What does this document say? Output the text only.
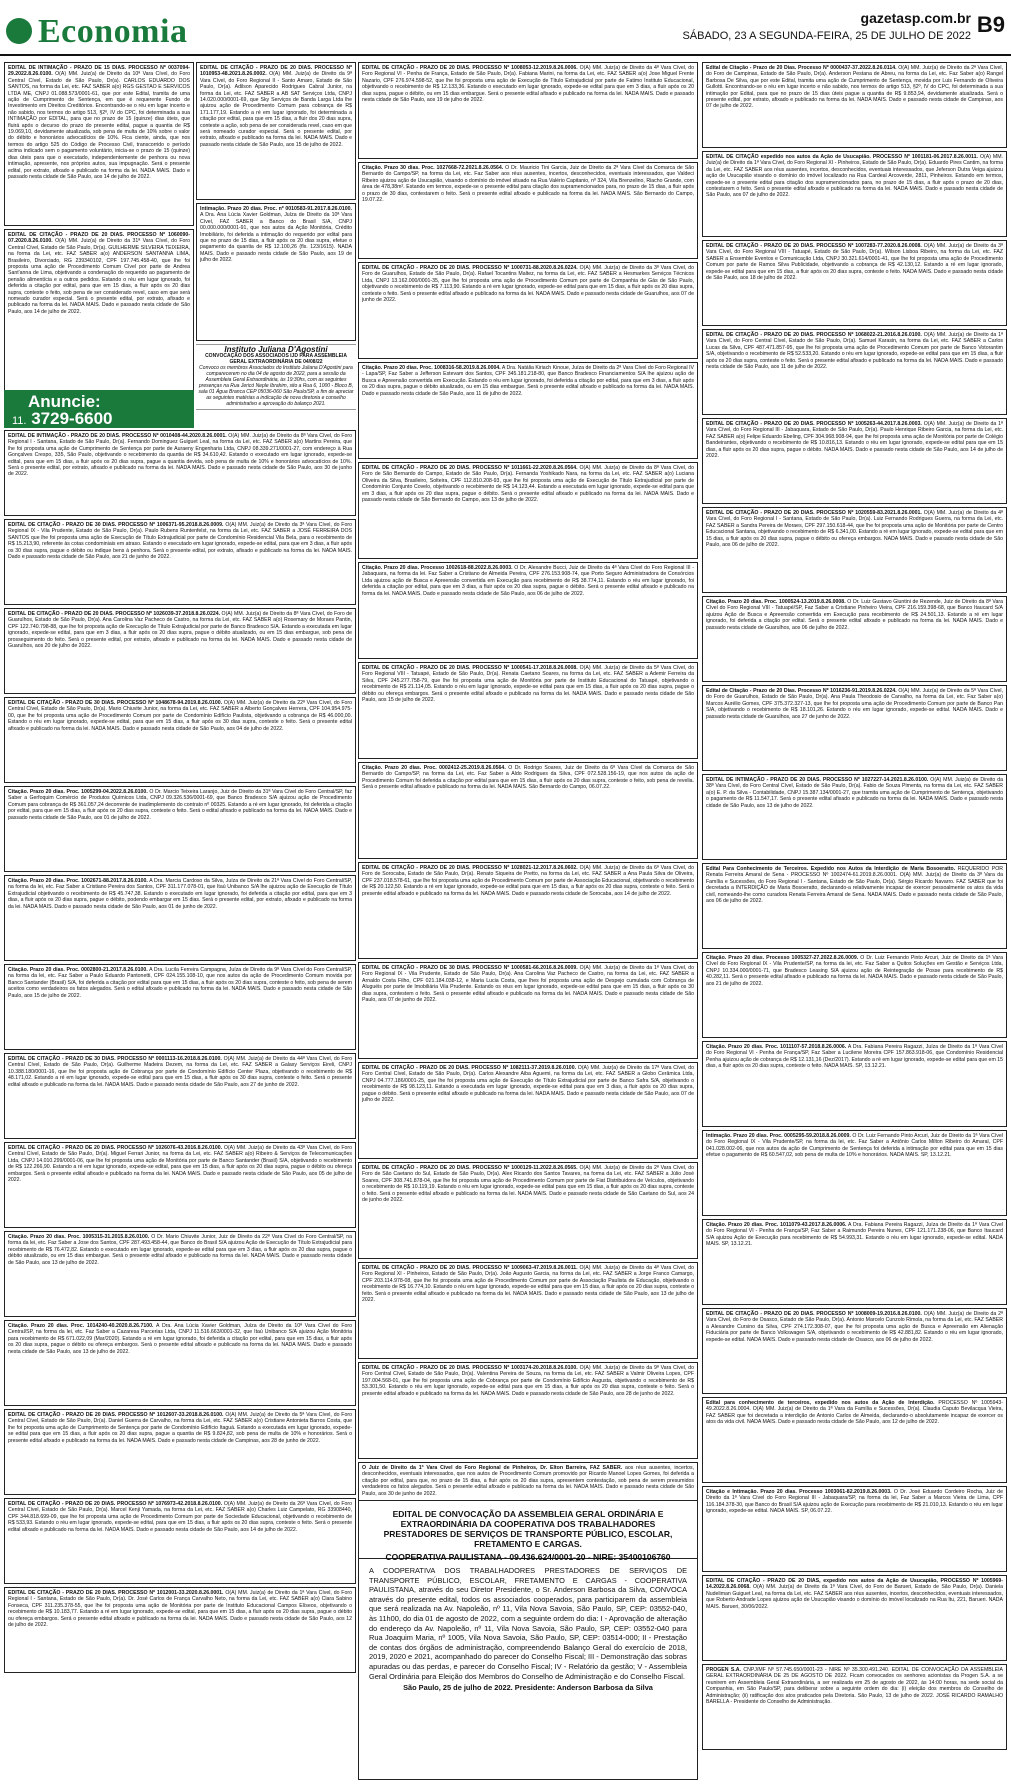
Economia	gazetasp.com.br
SÁBADO, 23 A SEGUNDA-FEIRA, 25 DE JULHO DE 2022 B9
EDITAL DE INTIMAÇÃO - PRAZO DE 15 DIAS. PROCESSO Nº 0037094-29.2022.8.26.0100. O(A) MM. Juiz(a) de Direito da 10ª Vara Cível, do Foro Central Cível, Estado de São Paulo, Dr(a). CARLOS EDUARDO DOS SANTOS, na forma da Lei, etc. FAZ SABER a(o) RGS GESTAO E SERVICOS LTDA ME, CNPJ 01.088.573/0001-61, que por este Edital, tramita de uma ação de Cumprimento de Sentença, em que é requerente Fundo de Investimento em Direitos Creditórios. Encontrando-se o réu em lugar incerto e não sabido, nos termos do artigo 513, §2º, IV do CPC, foi determinada a sua INTIMAÇÃO por EDITAL, para que no prazo de 15 (quinze) dias úteis, que fluirá após o decurso do prazo do presente edital, pague a quantia de R$ 19.069,10, devidamente atualizada, sob pena de multa de 10% sobre o valor do débito e honorários advocatícios de 10%. Fica ciente, ainda, que nos termos do artigo 525 do Código de Processo Civil, transcorrido o período acima indicado sem o pagamento voluntário, inicia-se o prazo de 15 (quinze) dias úteis para que o executado, independentemente de penhora ou nova intimação, apresente, nos próprios autos, sua impugnação. Será o presente edital, por extrato, afixado e publicado na forma da lei. NADA MAIS. Dado e passado nesta cidade de São Paulo, aos 14 de julho de 2022.
EDITAL DE CITAÇÃO - PRAZO DE 20 DIAS. PROCESSO Nº 1060090-07.2020.8.26.0100. O(A) MM. Juiz(a) de Direito da 31ª Vara Cível, do Foro Central Cível, Estado de São Paulo, Dr(a). GUILHERME SILVEIRA TEIXEIRA, na forma da Lei, etc. FAZ SABER a(o) ANDERSON SANTANNA LIMA, Brasileiro, Divorciado, RG 239340102, CPF 197.745.458-40, que lhe foi proposta uma ação de Procedimento Comum Cível por parte de Andrea Sant'anna de Lima, objetivando a condenação do requerido ao pagamento de pensão alimentícia e a outros pedidos. Estando o réu em lugar ignorado, foi deferida a citação por edital, para que em 15 dias, a fluir após os 20 dias supra, conteste o feito, sob pena de ser considerado revel, caso em que será nomeado curador especial. Será o presente edital, por extrato, afixado e publicado na forma da lei. NADA MAIS. Dado e passado nesta cidade de São Paulo, aos 14 de julho de 2022.
EDITAL DE CITAÇÃO - PRAZO DE 20 DIAS. PROCESSO Nº 1010953-48.2021.8.26.0002. O(A) MM. Juiz(a) de Direito da 9ª Vara Cível, do Foro Regional II - Santo Amaro, Estado de São Paulo, Dr(a). Adilson Aparecido Rodrigues Cabral Junior, na forma da Lei, etc. FAZ SABER a AB SAT Serviços Ltda, CNPJ 14.020.000/0001-69, que Sky Serviços de Banda Larga Ltda lhe ajuizou ação de Procedimento Comum para cobrança de R$ 171.177,19. Estando a ré em lugar ignorado, foi determinada a citação por edital, para que em 15 dias, a fluir dos 20 dias supra, conteste a ação, sob pena de ser considerada revel, caso em que será nomeado curador especial. Será o presente edital, por extrato, afixado e publicado na forma da lei. NADA MAIS. Dado e passado nesta cidade de São Paulo, aos 15 de julho de 2022.
Intimação. Prazo 20 dias. Proc. nº 0010583-91.2017.8.26.0100. A Dra. Ana Lúcia Xavier Goldman, Juíza de Direito da 10ª Vara Cível, FAZ SABER a Banco do Brasil S/A, CNPJ 00.000.000/0001-91, que nos autos da Ação Monitória, Crédito Imobiliário, foi deferida a intimação do requerido por edital para que no prazo de 15 dias, a fluir após os 20 dias supra, efetue o pagamento da quantia de R$ 12.100,26 (fls. 123/1615). NADA MAIS. Dado e passado nesta cidade de São Paulo, aos 19 de julho de 2022.
Instituto Juliana D'Agostini
CONVOCAÇÃO DOS ASSOCIADOS IJD PARA ASSEMBLEIA GERAL EXTRAORDINÁRIA DE 04/08/22
Convoco os membros Associados do Instituto Juliana D'Agostini para comparecerem no dia 04 de agosto de 2022, para a sessão da Assembleia Geral Extraordinária, às 19:30hs, com as seguintes presenças na Rua Jericó Neple Ibrahim, sito a Rua 6, 1000 - Bloco B, sala 01 Água Branca CEP 05036-060 São Paulo/SP, a fim de apreciar as seguintes matérias a indicação de nova diretoria e conselho administrativo e aprovação do balanço 2021.
Anuncie:
11. 3729-6600
EDITAL DE INTIMAÇÃO - PRAZO DE 20 DIAS. PROCESSO Nº 0010408-44.2020.8.26.0001. O(A) MM. Juiz(a) de Direito da 8ª Vara Cível, do Foro Regional I - Santana, Estado de São Paulo, Dr(a). Fernando Dominguez Guiguet Leal, na forma da Lei, etc. FAZ SABER a(o) Martins Pereira, que lhe foi proposta uma ação de Cumprimento de Sentença por parte de Auraeny Engenharia Ltda, CNPJ 08.339.271/0001-27, com endereço à Rua Gonçalves Crespo, 335, São Paulo, objetivando o recebimento da quantia de R$ 34.610,42. Estando o executado em lugar ignorado, expede-se edital, para que em 15 dias, a fluir após os 20 dias supra, pague a quantia devida, sob pena de multa de 10% e honorários advocatícios de 10%. Será o presente edital, por extrato, afixado e publicado na forma da lei. NADA MAIS. Dado e passado nesta cidade de São Paulo, aos 30 de junho de 2022.
EDITAL DE CITAÇÃO - PRAZO DE 30 DIAS. PROCESSO Nº 1006371-95.2018.8.26.0009. O(A) MM. Juiz(a) de Direito da 3ª Vara Cível, do Foro Regional IX - Vila Prudente, Estado de São Paulo, Dr(a). Paulo Rubens Runtenfelst, na forma da Lei, etc. FAZ SABER a JOSÉ FERREIRA DOS SANTOS que lhe foi proposta uma ação de Execução de Título Extrajudicial por parte de Condomínio Residencial Vila Bela, para o recebimento de R$ 15.213,90, referente às cotas condominiais em atraso. Estando o executado em lugar ignorado, expede-se edital, para que em 3 dias, a fluir após os 30 dias supra, pague o débito ou indique bens à penhora. Será o presente edital, por extrato, afixado e publicado na forma da lei. NADA MAIS. Dado e passado nesta cidade de São Paulo, aos 21 de junho de 2022.
EDITAL DE CITAÇÃO - PRAZO DE 20 DIAS. PROCESSO Nº 1026039-37.2018.8.26.0224. O(A) MM. Juiz(a) de Direito da 8ª Vara Cível, do Foro de Guarulhos, Estado de São Paulo, Dr(a). Ana Carolina Vaz Pacheco de Castro, na forma da Lei, etc. FAZ SABER a(o) Rosemary de Moraes Pantin, CPF 122.740.798-88, que lhe foi proposta ação de Execução de Título Extrajudicial por parte de Banco Bradesco S/A. Estando a executada em lugar ignorado, expede-se edital, para que em 3 dias, a fluir após os 20 dias supra, pague o débito atualizado, ou em 15 dias embargue, sob pena de prosseguimento do feito. Será o presente edital, por extrato, afixado e publicado na forma da lei. NADA MAIS. Dado e passado nesta cidade de Guarulhos, aos 20 de julho de 2022.
EDITAL DE CITAÇÃO - PRAZO DE 30 DIAS. PROCESSO Nº 1048678-94.2019.8.26.0100. O(A) MM. Juiz(a) de Direito da 22ª Vara Cível, do Foro Central Cível, Estado de São Paulo, Dr(a). Mario Chiuvite Junior, na forma da Lei, etc. FAZ SABER a Alberto Gonçalves Herrera, CPF 104.954.975-00, que lhe foi proposta uma ação de Procedimento Comum por parte de Condomínio Edifício Paulista, objetivando a cobrança de R$ 46.000,00. Estando o réu em lugar ignorado, expede-se edital, para que em 15 dias, a fluir após os 30 dias supra, conteste o feito. Será o presente edital afixado e publicado na forma da lei. NADA MAIS. Dado e passado nesta cidade de São Paulo, aos 04 de julho de 2022.
Citação. Prazo 20 dias. Proc. 1005299-04.2022.8.26.0100. O Dr. Marcio Teixeira Laranjo, Juiz de Direito da 31ª Vara Cível do Foro Central/SP, faz Saber a Gerfoquim Comércio de Produtos Químicos Ltda, CNPJ 09.326.536/0001-69, que Banco Bradesco S/A ajuizou ação de Procedimento Comum para cobrança de R$ 361.057,24 decorrente de inadimplemento do contrato nº 00325. Estando a ré em lugar ignorado, foi deferida a citação por edital, para que em 15 dias, a fluir após os 20 dias supra, conteste o feito. Será o edital afixado e publicado na forma da lei. NADA MAIS. Dado e passado nesta cidade de São Paulo, aos 01 de julho de 2022.
Citação. Prazo 20 dias. Proc. 1002671-88.2017.8.26.0100. A Dra. Marcia Cardoso da Silva, Juíza de Direito da 21ª Vara Cível do Foro Central/SP, na forma da lei, etc. Faz Saber a Cristiano Pereira dos Santos, CPF 311.177.078-01, que Itaú Unibanco S/A lhe ajuizou ação de Execução de Título Extrajudicial objetivando o recebimento de R$ 45.747,38. Estando o executado em lugar ignorado, foi deferida a citação por edital, para que em 3 dias, a fluir após os 20 dias supra, pague o débito, podendo embargar em 15 dias. Será o presente edital, por extrato, afixado e publicado na forma da lei. NADA MAIS. Dado e passado nesta cidade de São Paulo, aos 01 de junho de 2022.
Citação. Prazo 20 dias. Proc. 0002800-21.2017.8.26.0100. A Dra. Lucila Ferreira Campagna, Juíza de Direito da 9ª Vara Cível do Foro Central/SP, na forma da lei, etc. Faz Saber a Paulo Eduardo Pantonetti, CPF 024.155.108-10, que nos autos da ação de Procedimento Comum movida por Banco Santander (Brasil) S/A, foi deferida a citação por edital para que em 15 dias, a fluir após os 20 dias supra, conteste o feito, sob pena de serem aceitos como verdadeiros os fatos alegados. Será o edital afixado e publicado na forma da lei. NADA MAIS. Dado e passado nesta cidade de São Paulo, aos 15 de julho de 2022.
EDITAL DE CITAÇÃO - PRAZO DE 30 DIAS. PROCESSO Nº 0001113-16.2018.8.26.0100. O(A) MM. Juiz(a) de Direito da 44ª Vara Cível, do Foro Central Cível, Estado de São Paulo, Dr(a). Guilherme Madeira Dezem, na forma da Lei, etc. FAZ SABER a Galaxy Serviços Eireli, CNPJ 10.388.180/0001-16, que lhe foi proposta ação de Cobrança por parte de Condomínio Edifício Center Plaza, objetivando o recebimento de R$ 48.171,02. Estando a ré em lugar ignorado, expede-se edital para que em 15 dias, a fluir após os 30 dias supra, conteste o feito. Será o presente edital afixado e publicado na forma da lei. NADA MAIS. Dado e passado nesta cidade de São Paulo, aos 27 de junho de 2022.
EDITAL DE CITAÇÃO - PRAZO DE 20 DIAS. PROCESSO Nº 1026076-43.2016.8.26.0100. O(A) MM. Juiz(a) de Direito da 43ª Vara Cível, do Foro Central Cível, Estado de São Paulo, Dr(a). Miguel Ferrari Junior, na forma da Lei, etc. FAZ SABER a(o) Ribeiro & Serviços de Telecomunicações Ltda, CNPJ 14.010.299/0001-06, que lhe foi proposta uma ação de Monitória por parte de Banco Santander (Brasil) S/A, objetivando o recebimento de R$ 122.266,90. Estando a ré em lugar ignorado, expede-se edital, para que em 15 dias, a fluir após os 20 dias supra, pague o débito ou ofereça embargos. Será o presente edital afixado e publicado na forma da lei. NADA MAIS. Dado e passado nesta cidade de São Paulo, aos 05 de julho de 2022.
Citação. Prazo 20 dias. Proc. 1005315-31.2015.8.26.0100. O Dr. Mario Chiuvite Junior, Juiz de Direito da 22ª Vara Cível do Foro Central/SP, na forma da lei, etc. Faz Saber a Jose dos Santos, CPF 287.493.458-44, que Banco do Brasil S/A ajuizou Ação de Execução de Título Extrajudicial para recebimento de R$ 76.472,82. Estando o executado em lugar ignorado, expede-se edital para que em 3 dias, a fluir após os 20 dias supra, pague o débito atualizado, ou em 15 dias embargue. Será o presente edital afixado e publicado na forma da lei. NADA MAIS. Dado e passado nesta cidade de São Paulo, aos 13 de julho de 2022.
Citação. Prazo 20 dias. Proc. 1014240-40.2020.8.26.7100. A Dra. Ana Lúcia Xavier Goldman, Juíza de Direito da 10ª Vara Cível do Foro Central/SP, na forma da lei, etc. Faz Saber a Cazaresa Parcerias Ltda, CNPJ 11.516.663/0001-32, que Itaú Unibanco S/A ajuizou Ação Monitória para recebimento de R$ 671.022,09 (Mar/2020). Estando a ré em lugar ignorado, foi deferida a citação por edital, para que em 15 dias, a fluir após os 20 dias supra, pague o débito ou ofereça embargos. Será o presente edital afixado e publicado na forma da lei. NADA MAIS. Dado e passado nesta cidade de São Paulo, aos 13 de julho de 2022.
EDITAL DE CITAÇÃO - PRAZO DE 20 DIAS. PROCESSO Nº 1012607-33.2018.8.26.0100. O(A) MM. Juiz(a) de Direito da 5ª Vara Cível, do Foro Central Cível, Estado de São Paulo, Dr(a). Daniel Guerra de Carvalho, na forma da Lei, etc. FAZ SABER a(o) Cristiane Antonieta Barros Costa, que lhe foi proposta uma ação de Cumprimento de Sentença por parte de Condomínio Edifício Itaguá. Estando a executada em lugar ignorado, expede-se edital para que em 15 dias, a fluir após os 20 dias supra, pague a quantia de R$ 9.824,82, sob pena de multa de 10% e honorários. Será o presente edital afixado e publicado na forma da lei. NADA MAIS. Dado e passado nesta cidade de Campinas, aos 28 de junho de 2022.
EDITAL DE CITAÇÃO - PRAZO DE 20 DIAS. PROCESSO Nº 1076973-42.2018.8.26.0100. O(A) MM. Juiz(a) de Direito da 26ª Vara Cível, do Foro Central Cível, Estado de São Paulo, Dr(a). Marcel Kenji Yamada, na forma da Lei, etc. FAZ SABER a(o) Charles Luiz Campelato, RG 33908440, CPF 344.818.699-09, que lhe foi proposta uma ação de Procedimento Comum por parte de Sociedade Educacional, objetivando o recebimento de R$ 533,93. Estando o réu em lugar ignorado, expede-se edital, para que em 15 dias, a fluir após os 20 dias supra, conteste o feito. Será o presente edital afixado e publicado na forma da lei. NADA MAIS. Dado e passado nesta cidade de São Paulo, aos 14 de julho de 2022.
EDITAL DE CITAÇÃO - PRAZO DE 20 DIAS. PROCESSO Nº 1012001-33.2020.8.26.0001. O(A) MM. Juiz(a) de Direito da 1ª Vara Cível, do Foro Regional I - Santana, Estado de São Paulo, Dr(a). Dr. José Carlos de França Carvalho Neto, na forma da Lei, etc. FAZ SABER a(o) Clara Sabino Fonseca, CPF 311.235.378-55, que lhe foi proposta uma ação de Monitória por parte de Instituto Educacional Campos Elíseos, objetivando o recebimento de R$ 10.183,77. Estando a ré em lugar ignorado, expede-se edital, para que em 15 dias, a fluir após os 20 dias supra, pague o débito ou ofereça embargos. Será o presente edital afixado e publicado na forma da lei. NADA MAIS. Dado e passado nesta cidade de São Paulo, aos 12 de julho de 2022.
EDITAL DE CITAÇÃO - PRAZO DE 20 DIAS. PROCESSO Nº 1008053-12.2019.8.26.0006. O(A) MM. Juiz(a) de Direito da 4ª Vara Cível, do Foro Regional VI - Penha de França, Estado de São Paulo, Dr(a). Fabiana Marini, na forma da Lei, etc. FAZ SABER a(o) Jose Miguel Frente Nazario, CPF 276.974.598-52, que lhe foi proposta uma ação de Execução de Título Extrajudicial por parte de Fatimo Instituto Educacional, objetivando o recebimento de R$ 12.133,36. Estando o executado em lugar ignorado, expede-se edital para que em 3 dias, a fluir após os 20 dias supra, pague o débito, ou em 15 dias embargue. Será o presente edital afixado e publicado na forma da lei. NADA MAIS. Dado e passado nesta cidade de São Paulo, aos 19 de julho de 2022.
Citação. Prazo 30 dias. Proc. 1027668-72.2021.8.26.0564. O Dr. Mauricio Tini Garcia, Juiz de Direito da 2ª Vara Cível da Comarca de São Bernardo do Campo/SP, na forma da Lei, etc. Faz Saber aos réus ausentes, incertos, desconhecidos, eventuais interessados, que Valdeci Ribeiro ajuizou ação de Usucapião, visando o domínio do imóvel situado na Rua Valério Capitanio, nº 324, Vila Brenzelino, Riacho Grande, com área de 478,38m². Estando em termos, expede-se o presente edital para citação dos supramencionados para, no prazo de 15 dias, a fluir após o prazo de 30 dias, contestarem o feito. Será o presente edital afixado e publicado na forma da lei. NADA MAIS. São Bernardo do Campo, 19.07.22.
EDITAL DE CITAÇÃO - PRAZO DE 20 DIAS. PROCESSO Nº 1000731-88.2020.8.26.0224. O(A) MM. Juiz(a) de Direito da 3ª Vara Cível, do Foro de Guarulhos, Estado de São Paulo, Dr(a). Rafael Tocantins Maltez, na forma da Lei, etc. FAZ SABER a Hesmarkes Serviços Técnicos Ltda, CNPJ 13.162.000/0001-35, que lhe foi proposta uma ação de Procedimento Comum por parte de Companhia de Gás de São Paulo, objetivando o recebimento de R$ 7.113,90. Estando a ré em lugar ignorado, expede-se edital para que em 15 dias, a fluir após os 20 dias supra, conteste o feito. Será o presente edital afixado e publicado na forma da lei. NADA MAIS. Dado e passado nesta cidade de Guarulhos, aos 07 de junho de 2022.
Citação. Prazo 20 dias. Proc. 1008316-58.2019.8.26.0004. A Dra. Natália Kiriach Kinoue, Juíza de Direito da 2ª Vara Cível do Foro Regional IV - Lapa/SP, Faz Saber a Jefferson Estevam dos Santos, CPF 345.181.218-80, que Banco Bradesco Financiamentos S/A lhe ajuizou ação de Busca e Apreensão convertida em Execução. Estando o réu em lugar ignorado, foi deferida a citação por edital, para que em 3 dias, a fluir após os 20 dias supra, pague o débito atualizado, ou em 15 dias embargue. Será o presente edital afixado e publicado na forma da lei. NADA MAIS. Dado e passado nesta cidade de São Paulo, aos 11 de julho de 2022.
EDITAL DE CITAÇÃO - PRAZO DE 20 DIAS. PROCESSO Nº 1011661-22.2020.8.26.0564. O(A) MM. Juiz(a) de Direito da 8ª Vara Cível, do Foro de São Bernardo do Campo, Estado de São Paulo, Dr(a). Fernanda Yoshikado Nara, na forma da Lei, etc. FAZ SABER a(o) Luciana Oliveira da Silva, Brasileiro, Solteira, CPF 112.810.208-93, que lhe foi proposta uma ação de Execução de Título Extrajudicial por parte de Condomínio Conjunto Covelo, objetivando o recebimento de R$ 14.123,44. Estando a executada em lugar ignorado, expede-se edital para que em 3 dias, a fluir após os 20 dias supra, pague o débito. Será o presente edital afixado e publicado na forma da lei. NADA MAIS. Dado e passado nesta cidade de São Bernardo do Campo, aos 13 de julho de 2022.
Citação. Prazo 20 dias. Processo 1002618-88.2022.8.26.0003. O Dr. Alexandre Bucci, Juiz de Direito da 4ª Vara Cível do Foro Regional III - Jabaquara, na forma da lei. Faz Saber a Cristiano de Almeida Pereira, CPF 276.153.908-74, que Porto Seguro Administradora de Consórcios Ltda ajuizou ação de Busca e Apreensão convertida em Execução para recebimento de R$ 38.774,11. Estando o réu em lugar ignorado, foi deferida a citação por edital, para que em 3 dias, a fluir após os 20 dias supra, pague o débito. Será o presente edital afixado e publicado na forma da lei. NADA MAIS. Dado e passado nesta cidade de São Paulo, aos 06 de julho de 2022.
EDITAL DE CITAÇÃO - PRAZO DE 20 DIAS. PROCESSO Nº 1000541-17.2018.8.26.0008. O(A) MM. Juiz(a) de Direito da 5ª Vara Cível, do Foro Regional VIII - Tatuapé, Estado de São Paulo, Dr(a). Renata Caetano Soares, na forma da Lei, etc. FAZ SABER a Ademir Ferreira da Silva, CPF 245.277.758-79, que lhe foi proposta uma ação de Monitória por parte de Instituto Educacional do Tatuapé, objetivando o recebimento de R$ 21.114,05. Estando o réu em lugar ignorado, expede-se edital para que em 15 dias, a fluir após os 20 dias supra, pague o débito ou ofereça embargos. Será o presente edital afixado e publicado na forma da lei. NADA MAIS. Dado e passado nesta cidade de São Paulo, aos 15 de julho de 2022.
Citação. Prazo 20 dias. Proc. 0002412-25.2019.8.26.0564. O Dr. Rodrigo Soares, Juiz de Direito da 6ª Vara Cível da Comarca de São Bernardo do Campo/SP, na forma da Lei, etc. Faz Saber a Aldo Rodrigues da Silva, CPF 072.528.156-19, que nos autos da ação de Procedimento Comum foi deferida a citação por edital para que em 15 dias, a fluir após os 20 dias supra, conteste o feito, sob pena de revelia. Será o presente edital afixado e publicado na forma da lei. NADA MAIS. São Bernardo do Campo, 06.07.22.
EDITAL DE CITAÇÃO - PRAZO DE 20 DIAS. PROCESSO Nº 1028021-12.2017.8.26.0602. O(A) MM. Juiz(a) de Direito da 6ª Vara Cível, do Foro de Sorocaba, Estado de São Paulo, Dr(a). Renato Siqueira de Pretto, na forma da Lei, etc. FAZ SABER a Ana Paula Silva de Oliveira, CPF 237.018.578-61, que lhe foi proposta uma ação de Procedimento Comum por parte de Associação Educacional, objetivando o recebimento de R$ 20.122,50. Estando a ré em lugar ignorado, expede-se edital para que em 15 dias, a fluir após os 20 dias supra, conteste o feito. Será o presente edital afixado e publicado na forma da lei. NADA MAIS. Dado e passado nesta cidade de Sorocaba, aos 14 de julho de 2022.
EDITAL DE CITAÇÃO - PRAZO DE 30 DIAS. PROCESSO Nº 1000581-66.2016.8.26.0009. O(A) MM. Juiz(a) de Direito da 1ª Vara Cível, do Foro Regional IX - Vila Prudente, Estado de São Paulo, Dr(a). Ana Carolina Vaz Pacheco de Castro, na forma da Lei, etc. FAZ SABER a Arnaldo Costa Filho, CPF 021.184.038-12, e Maria Lucia Costa, que lhes foi proposta uma ação de Despejo cumulada com Cobrança de Aluguéis por parte de Imobiliária Vila Prudente. Estando os réus em lugar ignorado, expede-se edital para que em 15 dias, a fluir após os 30 dias supra, contestem o feito. Será o presente edital afixado e publicado na forma da lei. NADA MAIS. Dado e passado nesta cidade de São Paulo, aos 07 de junho de 2022.
EDITAL DE CITAÇÃO - PRAZO DE 20 DIAS. PROCESSO Nº 1082111-37.2019.8.26.0100. O(A) MM. Juiz(a) de Direito da 17ª Vara Cível, do Foro Central Cível, Estado de São Paulo, Dr(a). Carlos Alexandre Aiba Aguemi, na forma da Lei, etc. FAZ SABER a Globo Cerâmica Ltda, CNPJ 04.777.186/0001-25, que lhe foi proposta uma ação de Execução de Título Extrajudicial por parte de Banco Safra S/A, objetivando o recebimento de R$ 98.123,11. Estando a executada em lugar ignorado, expede-se edital para que em 3 dias, a fluir após os 20 dias supra, pague o débito. Será o presente edital afixado e publicado na forma da lei. NADA MAIS. Dado e passado nesta cidade de São Paulo, aos 07 de julho de 2022.
EDITAL DE CITAÇÃO - PRAZO DE 20 DIAS. PROCESSO Nº 1000129-11.2022.8.26.0565. O(A) MM. Juiz(a) de Direito da 2ª Vara Cível, do Foro de São Caetano do Sul, Estado de São Paulo, Dr(a). Alex Ricardo dos Santos Tavares, na forma da Lei, etc. FAZ SABER a Júlio José Soares, CPF 308.741.878-04, que lhe foi proposta uma ação de Procedimento Comum por parte de Fiat Distribuidora de Veículos, objetivando o recebimento de R$ 10.119,19. Estando o réu em lugar ignorado, expede-se edital para que em 15 dias, a fluir após os 20 dias supra, conteste o feito. Será o presente edital afixado e publicado na forma da lei. NADA MAIS. Dado e passado nesta cidade de São Caetano do Sul, aos 24 de junho de 2022.
EDITAL DE CITAÇÃO - PRAZO DE 20 DIAS. PROCESSO Nº 1009063-47.2019.8.26.0011. O(A) MM. Juiz(a) de Direito da 4ª Vara Cível, do Foro Regional XI - Pinheiros, Estado de São Paulo, Dr(a). João Augusto Garcia, na forma da Lei, etc. FAZ SABER a Jorge Franco Camargo, CPF 203.114.978-08, que lhe foi proposta uma ação de Procedimento Comum por parte de Associação Paulista de Educação, objetivando o recebimento de R$ 16.774,10. Estando o réu em lugar ignorado, expede-se edital para que em 15 dias, a fluir após os 20 dias supra, conteste o feito. Será o presente edital afixado e publicado na forma da lei. NADA MAIS. Dado e passado nesta cidade de São Paulo, aos 13 de julho de 2022.
EDITAL DE CITAÇÃO - PRAZO DE 20 DIAS. PROCESSO Nº 1003174-20.2018.8.26.0100. O(A) MM. Juiz(a) de Direito da 9ª Vara Cível, do Foro Central Cível, Estado de São Paulo, Dr(a). Valentina Pereira de Souza, na forma da Lei, etc. FAZ SABER a Valmir Oliveira Lopes, CPF 197.004.568-01, que lhe foi proposta uma ação de Cobrança por parte de Condomínio Edifício Augusta, objetivando o recebimento de R$ 53.301,50. Estando o réu em lugar ignorado, expede-se edital para que em 15 dias, a fluir após os 20 dias supra, conteste o feito. Será o presente edital afixado e publicado na forma da lei. NADA MAIS. Dado e passado nesta cidade de São Paulo, aos 28 de junho de 2022.
O Juiz de Direito da 1ª Vara Cível do Foro Regional de Pinheiros, Dr. Elton Barreira, FAZ SABER. aos réus ausentes, incertos, desconhecidos, eventuais interessados, que nos autos de Procedimento Comum promovido por Ricardo Manoel Lopes Gomes, foi deferida a citação por edital, para que, no prazo de 15 dias, a fluir após os 20 dias supra, apresentem contestação, sob pena de serem presumidos verdadeiros os fatos alegados. Será o presente edital afixado e publicado na forma da lei. NADA MAIS. Dado e passado nesta cidade de São Paulo, aos 30 de junho de 2022.
Edital de Citação - Prazo de 20 Dias. Processo Nº 0000437-37.2022.8.26.0114. O(A) MM. Juiz(a) de Direito da 2ª Vara Cível, do Foro de Campinas, Estado de São Paulo, Dr(a). Anderson Pestana de Abreu, na forma da Lei, etc. Faz Saber a(o) Rangel Barbosa De Silva, que por este Edital, tramita uma ação de Cumprimento de Sentença, movida por Luis Fernando de Oliveira Gullotti. Encontrando-se o réu em lugar incerto e não sabido, nos termos do artigo 513, §2º, IV do CPC, foi determinada a sua intimação por Edital, para que no prazo de 15 dias úteis pague a quantia de R$ 9.853,94, devidamente atualizada. Será o presente edital, por extrato, afixado e publicado na forma da lei. NADA MAIS. Dado e passado nesta cidade de Campinas, aos 07 de julho de 2022.
EDITAL DE CITAÇÃO expedido nos autos da Ação de Usucapião. PROCESSO Nº 1001181-06.2017.8.26.0011. O(A) MM. Juiz(a) de Direito da 1ª Vara Cível, do Foro Regional XI - Pinheiros, Estado de São Paulo, Dr(a). Eduardo Pires Cantim, na forma da Lei, etc. FAZ SABER aos réus ausentes, incertos, desconhecidos, eventuais interessados, que Jeferson Dutra Veiga ajuizou ação de Usucapião visando o domínio do imóvel localizado na Rua Cardeal Arcoverde, 2811, Pinheiros. Estando em termos, expede-se o presente edital para citação dos supramencionados para, no prazo de 15 dias, a fluir após o prazo de 20 dias, contestarem o feito. Será o presente edital afixado e publicado na forma da lei. NADA MAIS. Dado e passado nesta cidade de São Paulo, aos 07 de julho de 2022.
EDITAL DE CITAÇÃO - PRAZO DE 20 DIAS. PROCESSO Nº 1007283-77.2020.8.26.0008. O(A) MM. Juiz(a) de Direito da 3ª Vara Cível, do Foro Regional VIII - Tatuapé, Estado de São Paulo, Dr(a). Wilson Lisboa Ribeiro, na forma da Lei, etc. FAZ SABER a Ensemble Eventos e Comunicação Ltda, CNPJ 30.321.614/0001-41, que lhe foi proposta uma ação de Procedimento Comum por parte de Ramos Silva Publicidade, objetivando a cobrança de R$ 42.130,12. Estando a ré em lugar ignorado, expede-se edital para que em 15 dias, a fluir após os 20 dias supra, conteste o feito. NADA MAIS. Dado e passado nesta cidade de São Paulo, aos 18 de julho de 2022.
EDITAL DE CITAÇÃO - PRAZO DE 20 DIAS. PROCESSO Nº 1068022-21.2016.8.26.0100. O(A) MM. Juiz(a) de Direito da 1ª Vara Cível, do Foro Central Cível, Estado de São Paulo, Dr(a). Samuel Karasin, na forma da Lei, etc. FAZ SABER a Carlos Lucas da Silva, CPF 487.471.857-95, que lhe foi proposta uma ação de Procedimento Comum por parte de Banco Votorantim S/A, objetivando o recebimento de R$ 52.533,20. Estando o réu em lugar ignorado, expede-se edital para que em 15 dias, a fluir após os 20 dias supra, conteste o feito. Será o presente edital afixado e publicado na forma da lei. NADA MAIS. Dado e passado nesta cidade de São Paulo, aos 11 de julho de 2022.
EDITAL DE CITAÇÃO - PRAZO DE 20 DIAS. PROCESSO Nº 1005263-44.2017.8.26.0003. O(A) MM. Juiz(a) de Direito da 1ª Vara Cível, do Foro Regional III - Jabaquara, Estado de São Paulo, Dr(a). Paulo Henrique Ribeiro Garcia, na forma da Lei, etc. FAZ SABER a(o) Felipe Eduardo Ebeling, CPF 304.968.908-94, que lhe foi proposta uma ação de Monitória por parte de Colégio Bandeirantes, objetivando o recebimento de R$ 10.816,13. Estando o réu em lugar ignorado, expede-se edital para que em 15 dias, a fluir após os 20 dias supra, pague o débito. NADA MAIS. Dado e passado nesta cidade de São Paulo, aos 14 de julho de 2022.
EDITAL DE CITAÇÃO - PRAZO DE 20 DIAS. PROCESSO Nº 1020559-83.2021.8.26.0001. O(A) MM. Juiz(a) de Direito da 4ª Vara Cível, do Foro Regional I - Santana, Estado de São Paulo, Dr(a). Luiz Fernando Rodrigues Guerra, na forma da Lei, etc. FAZ SABER a Sandra Pereira de Moraes, CPF 297.150.618-44, que lhe foi proposta uma ação de Monitória por parte de Centro Educacional Santana, objetivando o recebimento de R$ 6.341,00. Estando a ré em lugar ignorado, expede-se edital para que em 15 dias, a fluir após os 20 dias supra, pague o débito ou ofereça embargos. NADA MAIS. Dado e passado nesta cidade de São Paulo, aos 06 de julho de 2022.
Citação. Prazo 20 dias. Proc. 1000524-13.2019.8.26.0008. O Dr. Luiz Gustavo Giuntini de Rezende, Juiz de Direito da 8ª Vara Cível do Foro Regional VIII - Tatuapé/SP, Faz Saber a Cristiane Pinheiro Vieira, CPF 216.159.398-68, que Banco Itaucard S/A ajuizou Ação de Busca e Apreensão convertida em Execução para recebimento de R$ 24.501,13. Estando a ré em lugar ignorado, foi deferida a citação por edital. Será o presente edital afixado e publicado na forma da lei. NADA MAIS. Dado e passado nesta cidade de Guarulhos, aos 06 de julho de 2022.
Edital de Citação - Prazo de 20 Dias. Processo Nº 1016236-91.2019.8.26.0224. O(A) MM. Juiz(a) de Direito da 5ª Vara Cível, do Foro de Guarulhos, Estado de São Paulo, Dr(a). Ana Paula Theodosio de Carvalho, na forma da Lei, etc. Faz Saber a(o) Marcos Aurélio Gomes, CPF 375.372.327-13, que lhe foi proposta uma ação de Procedimento Comum por parte de Banco Pan S/A, objetivando o recebimento de R$ 18.101,26. Estando o réu em lugar ignorado, expede-se edital. NADA MAIS. Dado e passado nesta cidade de Guarulhos, aos 27 de junho de 2022.
EDITAL DE INTIMAÇÃO - PRAZO DE 20 DIAS. PROCESSO Nº 1027227-14.2021.8.26.0100. O(A) MM. Juiz(a) de Direito da 38ª Vara Cível, do Foro Central Cível, Estado de São Paulo, Dr(a). Fabio de Souza Pimenta, na forma da Lei, etc. FAZ SABER a(o) E. P. da Silva - Contabilidade, CNPJ 15.387.134/0001-27, que tramita uma ação de Cumprimento de Sentença, objetivando o pagamento de R$ 11.547,17. Será o presente edital afixado e publicado na forma da lei. NADA MAIS. Dado e passado nesta cidade de São Paulo, aos 13 de julho de 2022.
Edital Para Conhecimento de Terceiros. Expedido nos Autos da Interdição de Maria Bosoeratto. REQUERIDO POR Renata Ferreira Amaral de Sena - PROCESSO Nº 1002474-61.2019.8.26.0001. O(A) MM. Juiz(a) de Direito da 3ª Vara da Família e Sucessões, do Foro Regional I - Santana, Estado de São Paulo, Dr(a). Sérgio Ricardo Navarro. FAZ SABER que foi decretada a INTERDIÇÃO de Maria Bosoeratto, declarando-a relativamente incapaz de exercer pessoalmente os atos da vida civil, nomeando-lhe como curadora Renata Ferreira Amaral de Sena. NADA MAIS. Dado e passado nesta cidade de São Paulo, aos 06 de julho de 2022.
Citação. Prazo 20 dias. Processo 1005327-27.2022.8.26.0009. O Dr. Luiz Fernando Pinto Arcuri, Juiz de Direito da 1ª Vara Cível do Foro Regional IX - Vila Prudente/SP, na forma da lei, etc. Faz Saber a Quitos Soluções em Gestão e Serviços Ltda, CNPJ 10.334.000/0001-71, que Bradesco Leasing S/A ajuizou ação de Reintegração de Posse para recebimento de R$ 40.282,11. Será o presente edital afixado e publicado na forma da lei. NADA MAIS. Dado e passado nesta cidade de São Paulo, aos 21 de julho de 2022.
Citação. Prazo 20 dias. Proc. 1011107-57.2018.8.26.0006. A Dra. Fabiana Pereira Ragazzi, Juíza de Direito da 1ª Vara Cível do Foro Regional VI - Penha de França/SP, Faz Saber a Lucilene Moreira CPF 157.863.918-06, que Condomínio Residencial Penha ajuizou ação de cobrança de R$ 12.131,16 (Dez/2017). Estando a ré em lugar ignorado, expede-se edital para que em 15 dias, a fluir após os 20 dias supra, conteste o feito. NADA MAIS. SP, 13.12.21.
Intimação. Prazo 20 dias. Proc. 0005295-59.2018.8.26.0009. O Dr. Luiz Fernando Pinto Arcuri, Juiz de Direito da 1ª Vara Cível do Foro Regional IX - Vila Prudente/SP, na forma da lei, etc. Faz Saber a Antônio Carlos Milton Ribeiro do Amaral, CPF 041.028.002-06, que nos autos da ação de Cumprimento de Sentença foi deferida a intimação por edital para que em 15 dias efetue o pagamento de R$ 60.547,02, sob pena de multa de 10% e honorários. NADA MAIS. SP, 13.12.21.
Citação. Prazo 20 dias. Proc. 1011079-43.2017.8.26.0006. A Dra. Fabiana Pereira Ragazzi, Juíza de Direito da 1ª Vara Cível do Foro Regional VI - Penha de França/SP, Faz Saber a Raimundo Pereira Nunes, CPF 121.171.238-06, que Banco Itaucard S/A ajuizou Ação de Execução para recebimento de R$ 54.993,31. Estando o réu em lugar ignorado, expede-se edital. NADA MAIS. SP, 13.12.21.
EDITAL DE CITAÇÃO - PRAZO DE 20 DIAS. PROCESSO Nº 1008009-19.2016.8.26.0100. O(A) MM. Juiz(a) de Direito da 2ª Vara Cível, do Foro de Osasco, Estado de São Paulo, Dr(a). Antonio Marcelo Cunzolo Rimola, na forma da Lei, etc. FAZ SABER a Alexandre Cursino da Silva, CPF 274.172.308-07, que lhe foi proposta uma ação de Busca e Apreensão em Alienação Fiduciária por parte de Banco Volkswagen S/A, objetivando o recebimento de R$ 42.881,82. Estando o réu em lugar ignorado, expede-se edital. NADA MAIS. Dado e passado nesta cidade de Osasco, aos 06 de julho de 2022.
Edital para conhecimento de terceiros, expedido nos autos da Ação de Interdição. PROCESSO Nº 1005943-49.2022.8.26.0004. O(A) MM. Juiz(a) de Direito da 1ª Vara da Família e Sucessões, Dr(a). Claudia Caputo Bevilacqua Vieira, FAZ SABER que foi decretada a interdição de Antonio Carlos de Almeida, declarando-o absolutamente incapaz de exercer os atos da vida civil. NADA MAIS. Dado e passado nesta cidade de São Paulo, aos 12 de julho de 2022.
Citação e Intimação. Prazo 20 dias. Processo 1003061-82.2019.8.26.0003. O Dr. José Eduardo Cordeiro Rocha, Juiz de Direito da 1ª Vara Cível do Foro Regional III - Jabaquara/SP, na forma da lei, Faz Saber a Marcos Vieira de Lima, CPF 116.184.378-30, que Banco do Brasil S/A ajuizou ação de Execução para recebimento de R$ 21.010,13. Estando o réu em lugar ignorado, expede-se edital. NADA MAIS. SP, 06.07.22.
EDITAL DE CITAÇÃO - PRAZO DE 20 DIAS, expedido nos autos da Ação de Usucapião, PROCESSO Nº 1005969-14.2022.8.26.0068. O(A) MM. Juiz(a) de Direito da 1ª Vara Cível, do Foro de Barueri, Estado de São Paulo, Dr(a). Daniela Nudeliman Guiguet Leal, na forma da Lei, etc. FAZ SABER aos réus ausentes, incertos, desconhecidos, eventuais interessados, que Roberto Andrade Lopes ajuizou ação de Usucapião visando o domínio do imóvel localizado na Rua Itu, 221, Barueri. NADA MAIS. Barueri, 30/06/2022.
PROGEN S.A. CNPJ/MF Nº 57.745.650/0001-23 - NIRE Nº 35.300.491.240. EDITAL DE CONVOCAÇÃO DA ASSEMBLEIA GERAL EXTRAORDINÁRIA DE 25 DE AGOSTO DE 2022. Ficam convocados os senhores acionistas da Progen S.A. a se reunirem em Assembleia Geral Extraordinária, a ser realizada em 25 de agosto de 2022, às 14:00 horas, na sede social da Companhia, em São Paulo/SP, para deliberar sobre a seguinte ordem do dia: (i) eleição dos membros do Conselho de Administração; (ii) ratificação dos atos praticados pela Diretoria. São Paulo, 13 de julho de 2022. JOSÉ RICARDO RAMALHO BARELLA - Presidente do Conselho de Administração.
EDITAL DE CONVOCAÇÃO DA ASSEMBLEIA GERAL ORDINÁRIA E EXTRAORDINÁRIA DA COOPERATIVA DOS TRABALHADORES PRESTADORES DE SERVIÇOS DE TRANSPORTE PÚBLICO, ESCOLAR, FRETAMENTO E CARGAS.
COOPERATIVA PAULISTANA - 09.436.624/0001-20 - NIRE: 35400106760
A COOPERATIVA DOS TRABALHADORES PRESTADORES DE SERVIÇOS DE TRANSPORTE PÚBLICO, ESCOLAR, FRETAMENTO E CARGAS - COOPERATIVA PAULISTANA, através do seu Diretor Presidente, o Sr. Anderson Barbosa da Silva, CONVOCA através do presente edital, todos os associados cooperados, para participarem da assembleia que será realizada na Av. Napoleão, nº 11, Vila Nova Savoia, São Paulo, SP, CEP: 03552-040, às 11h00, do dia 01 de agosto de 2022, com a seguinte ordem do dia: I - Aprovação de alteração do endereço da Av. Napoleão, nº 11, Vila Nova Savoia, São Paulo, SP, CEP: 03552-040 para Rua Joaquim Maria, nº 1005, Vila Nova Savoia, São Paulo, SP, CEP: 03514-000; II - Prestação de contas dos órgãos de administração, compreendendo Balanço Geral do exercício de 2018, 2019, 2020 e 2021, acompanhado do parecer do Conselho Fiscal; III - Demonstração das sobras apuradas ou das perdas, e parecer do Conselho Fiscal; IV - Relatório da gestão; V - Assembleia Geral Ordinária para Eleição dos Membros do Conselho de Administração e do Conselho Fiscal.
São Paulo, 25 de julho de 2022. Presidente: Anderson Barbosa da Silva
